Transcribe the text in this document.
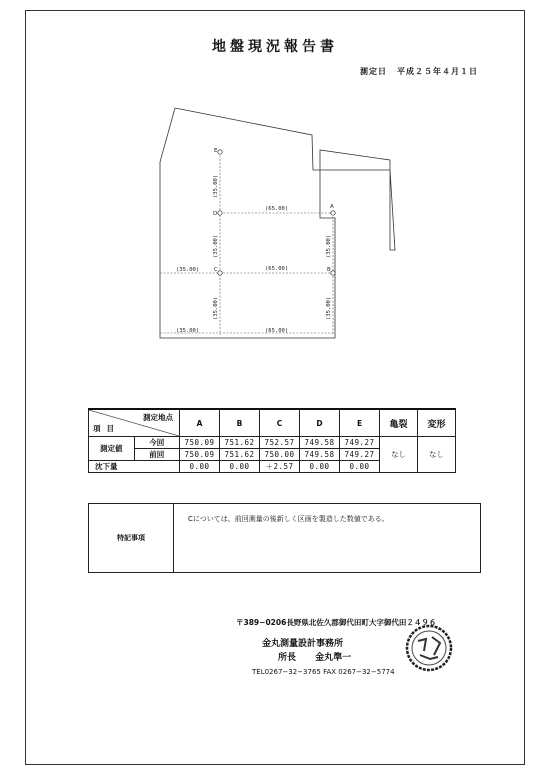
地盤現況報告書
測定日 平成２５年４月１日
E
D
A
C	B
(65.00)
(65.00)
(65.00)
(35.00)
(35.00)
(35.00)
(35.00)
(35.00)
(35.00)
(35.00)
測定地点
項目		A	B	C	D	E	亀裂	変形
測定値	今回	750.09	751.62	752.57	749.58	749.27	なし	なし
	前回	750.09	751.62	750.00	749.58	749.27		
沈下量		0.00	0.00	＋2.57	0.00	0.00		
特記事項	Cについては、前回測量の後新しく区画を製造した数値である。
〒389−0206長野県北佐久郡御代田町大字御代田２４９６
金丸測量設計事務所
所長 金丸準一
TEL0267−32−3765 FAX 0267−32−5774
